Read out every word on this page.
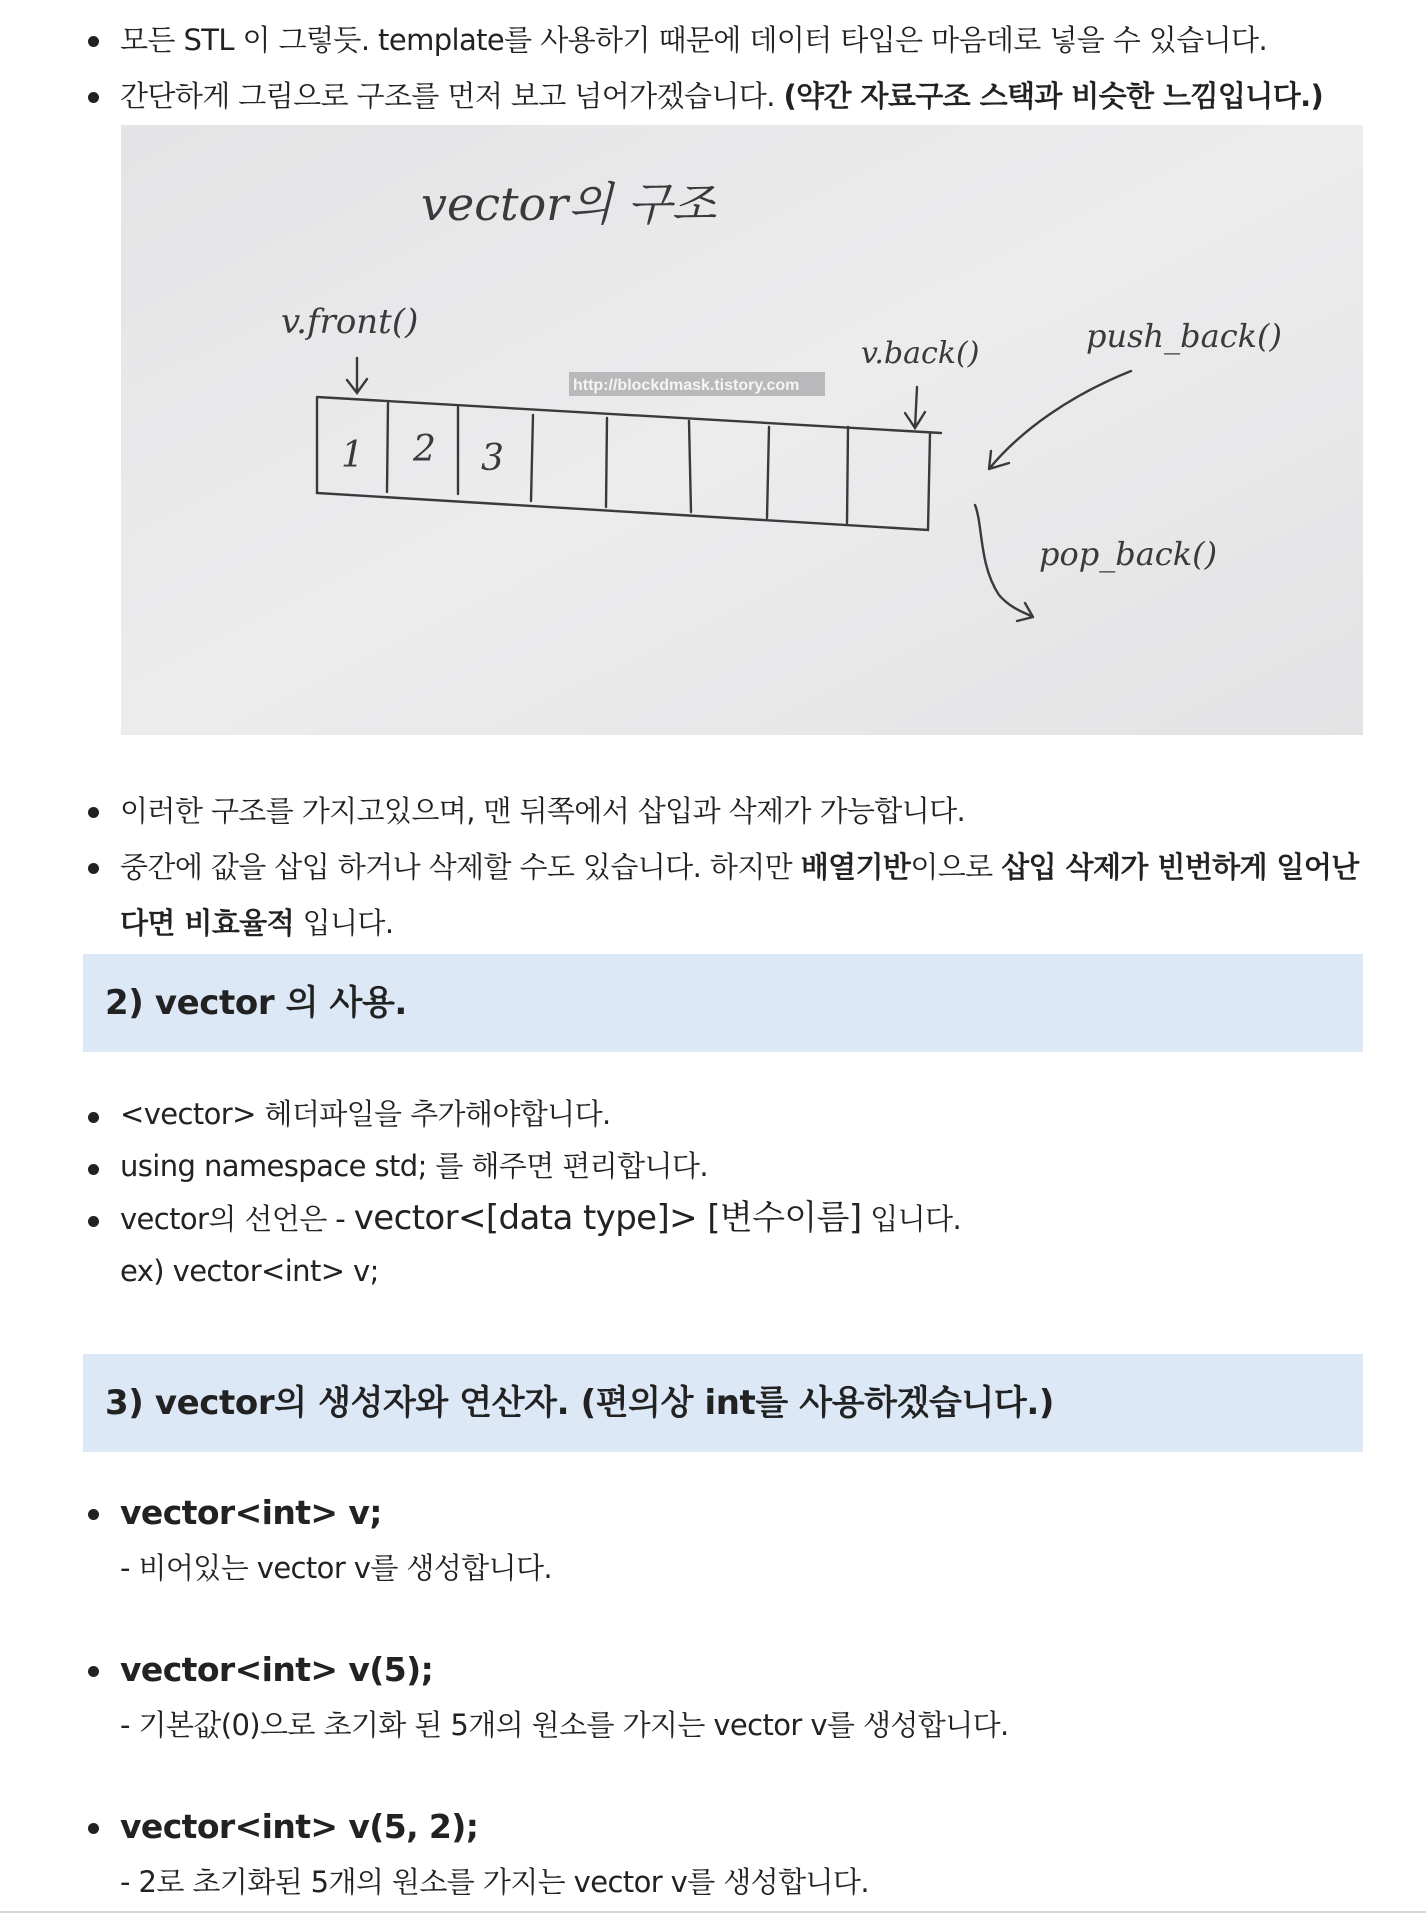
모든 STL 이 그렇듯. template를 사용하기 때문에 데이터 타입은 마음데로 넣을 수 있습니다.
간단하게 그림으로 구조를 먼저 보고 넘어가겠습니다. (약간 자료구조 스택과 비슷한 느낌입니다.)
vector의 구조
v.front()
v.back()	push_back()
pop_back()
1 2 3
http://blockdmask.tistory.com
이러한 구조를 가지고있으며, 맨 뒤쪽에서 삽입과 삭제가 가능합니다.
중간에 값을 삽입 하거나 삭제할 수도 있습니다. 하지만 배열기반이으로 삽입 삭제가 빈번하게 일어난다면 비효율적 입니다.
2) vector 의 사용.
<vector> 헤더파일을 추가해야합니다.
using namespace std; 를 해주면 편리합니다.
vector의 선언은 - vector<[data type]> [변수이름] 입니다.
ex) vector<int> v;
3) vector의 생성자와 연산자. (편의상 int를 사용하겠습니다.)
vector<int> v;
- 비어있는 vector v를 생성합니다.
vector<int> v(5);
- 기본값(0)으로 초기화 된 5개의 원소를 가지는 vector v를 생성합니다.
vector<int> v(5, 2);
- 2로 초기화된 5개의 원소를 가지는 vector v를 생성합니다.
